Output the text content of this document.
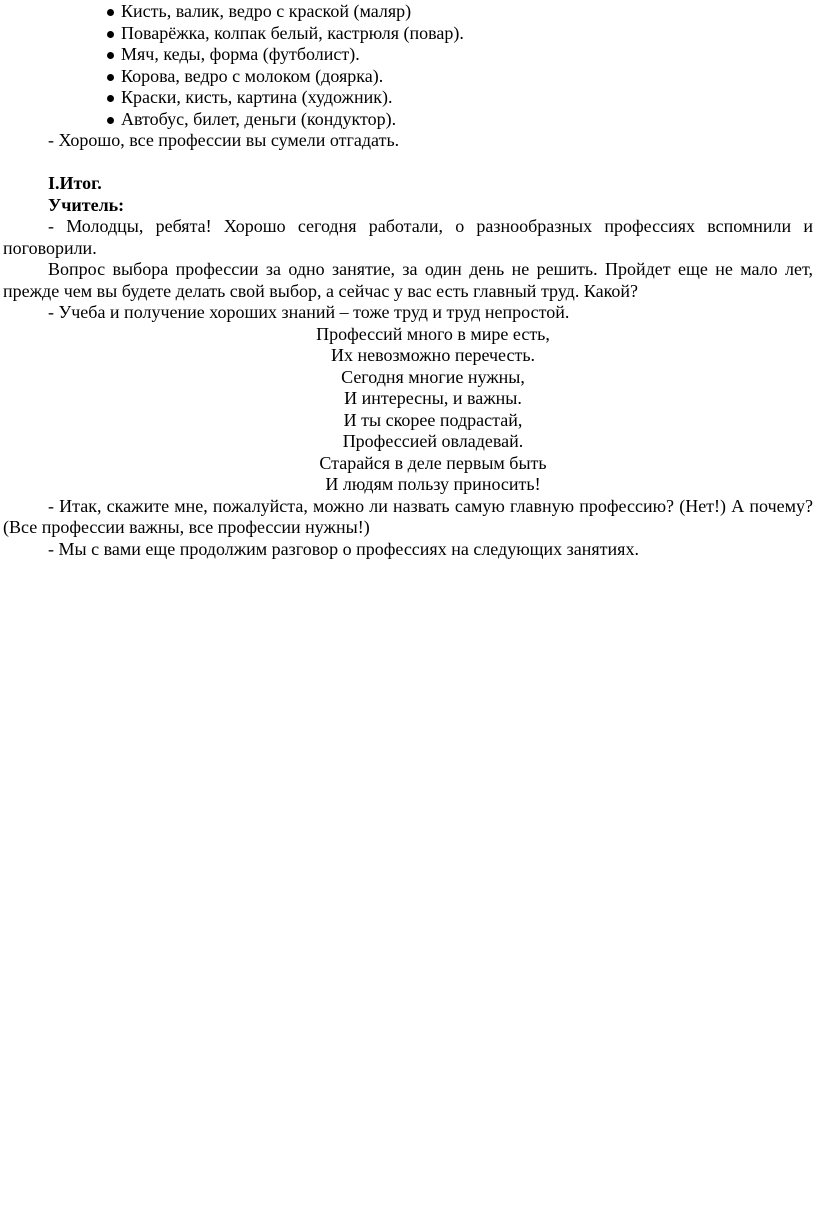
Кисть, валик, ведро с краской (маляр)
Поварёжка, колпак белый, кастрюля (повар).
Мяч, кеды, форма (футболист).
Корова, ведро с молоком (доярка).
Краски, кисть, картина (художник).
Автобус, билет, деньги (кондуктор).

- Хорошо, все профессии вы сумели отгадать.

I.Итог.

Учитель:

- Молодцы, ребята! Хорошо сегодня работали, о разнообразных профессиях вспомнили и поговорили.

Вопрос выбора профессии за одно занятие, за один день не решить. Пройдет еще не мало лет, прежде чем вы будете делать свой выбор, а сейчас у вас есть главный труд. Какой?

- Учеба и получение хороших знаний – тоже труд и труд непростой.

Профессий много в мире есть,

Их невозможно перечесть.

Сегодня многие нужны,

И интересны, и важны.

И ты скорее подрастай,

Профессией овладевай.

Старайся в деле первым быть

И людям пользу приносить!

- Итак, скажите мне, пожалуйста, можно ли назвать самую главную профессию? (Нет!) А почему? (Все профессии важны, все профессии нужны!)

- Мы с вами еще продолжим разговор о профессиях на следующих занятиях.
